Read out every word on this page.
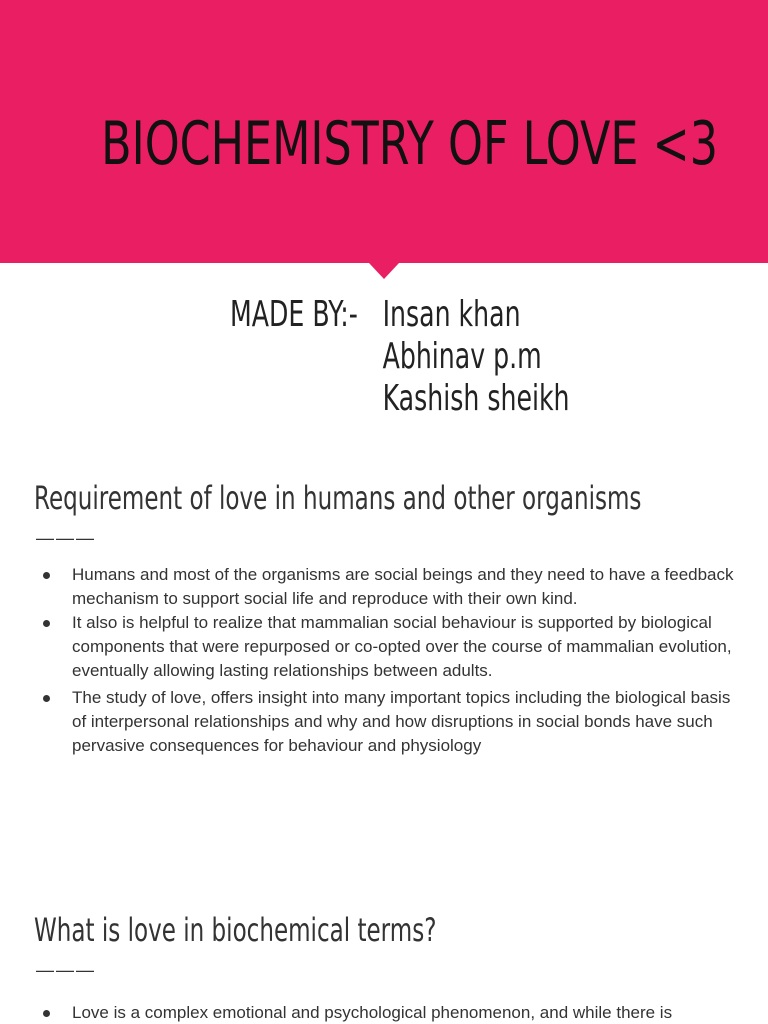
BIOCHEMISTRY OF LOVE <3
MADE BY:- Insan khan
Abhinav p.m
Kashish sheikh
Requirement of love in humans and other organisms
———
Humans and most of the organisms are social beings and they need to have a feedback mechanism to support social life and reproduce with their own kind.
It also is helpful to realize that mammalian social behaviour is supported by biological components that were repurposed or co-opted over the course of mammalian evolution, eventually allowing lasting relationships between adults.
The study of love, offers insight into many important topics including the biological basis of interpersonal relationships and why and how disruptions in social bonds have such pervasive consequences for behaviour and physiology
What is love in biochemical terms?
———
Love is a complex emotional and psychological phenomenon, and while there is
